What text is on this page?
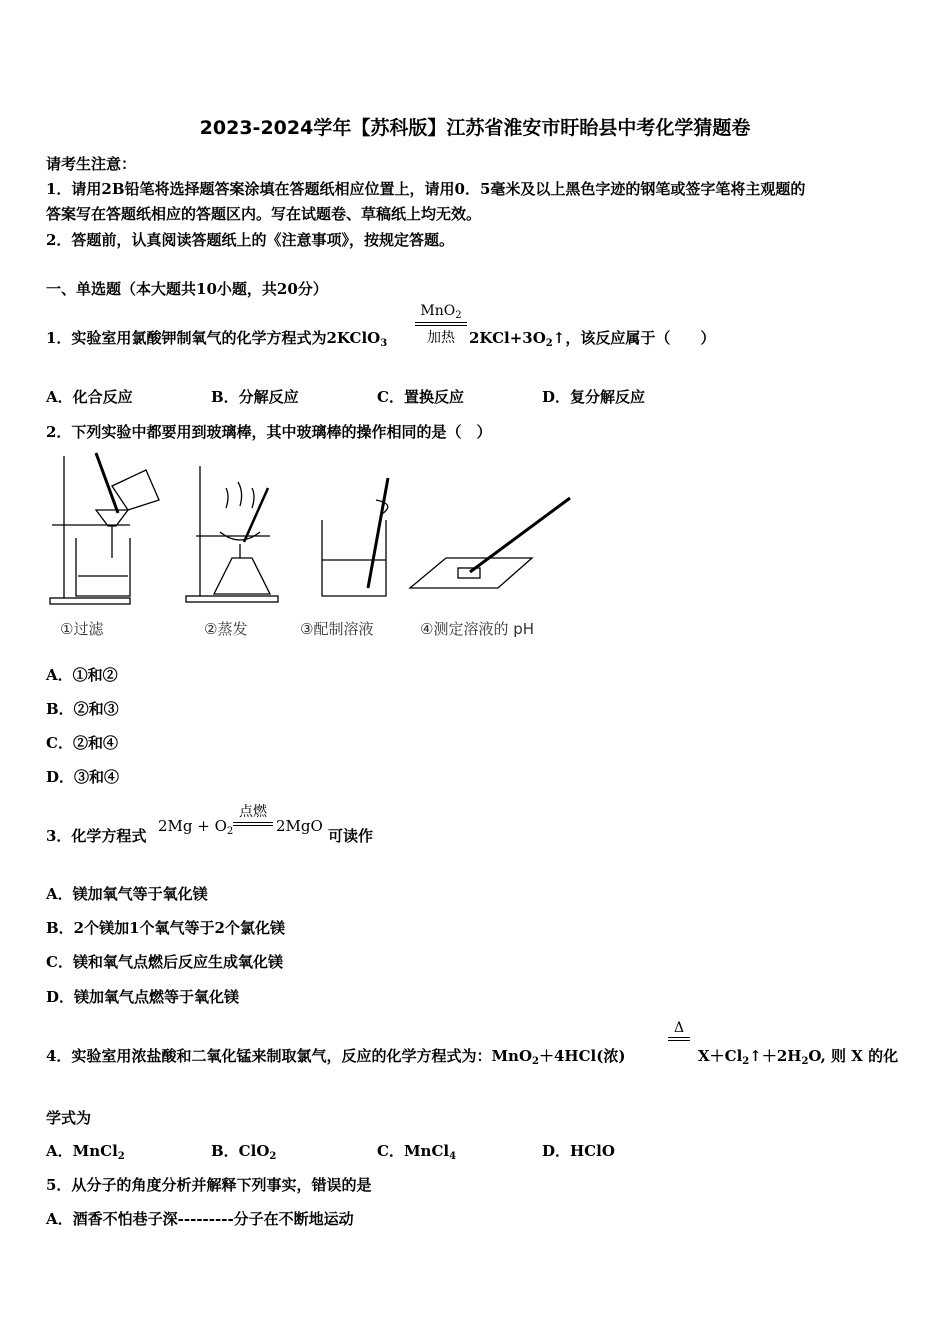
2023-2024学年【苏科版】江苏省淮安市盱眙县中考化学猜题卷
请考生注意：
1．请用2B铅笔将选择题答案涂填在答题纸相应位置上，请用0．5毫米及以上黑色字迹的钢笔或签字笔将主观题的
答案写在答题纸相应的答题区内。写在试题卷、草稿纸上均无效。
2．答题前，认真阅读答题纸上的《注意事项》，按规定答题。
一、单选题（本大题共10小题，共20分）
1．实验室用氯酸钾制氧气的化学方程式为2KClO$_3$
MnO$_2$
加热 $2KCl+3O_2↑$，该反应属于（　　）
A．化合反应	B．分解反应	C．置换反应	D．复分解反应
2．下列实验中都要用到玻璃棒，其中玻璃棒的操作相同的是（　）
①过滤	②蒸发	③配制溶液	④测定溶液的 pH
A．①和②
B．②和③
C．②和④
D．③和④
3．化学方程式
$2Mg + O_2$
点燃
2MgO
可读作
A．镁加氧气等于氧化镁
B．2个镁加1个氧气等于2个氯化镁
C．镁和氧气点燃后反应生成氧化镁
D．镁加氧气点燃等于氧化镁
4．实验室用浓盐酸和二氧化锰来制取氯气，反应的化学方程式为：MnO$_2$＋4HCl(浓)
Δ
$X+Cl_2↑+2H_2O$, 则 X 的化
学式为
A．MnCl$_2$	B．ClO$_2$	C．MnCl$_4$	D．HClO
5．从分子的角度分析并解释下列事实，错误的是
A．酒香不怕巷子深---------分子在不断地运动
